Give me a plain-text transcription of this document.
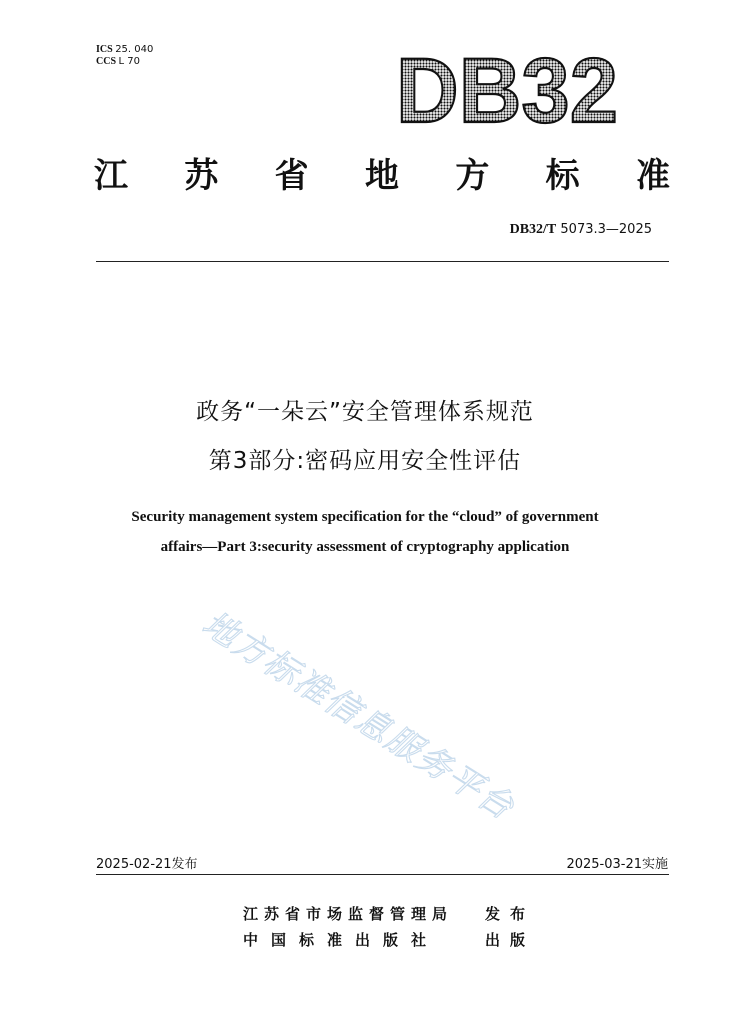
ICS 25. 040
CCS L 70	DB32
江 苏 省 地 方 标 准
DB32/T 5073.3—2025
政务“一朵云”安全管理体系规范
第3部分:密码应用安全性评估
Security management system specification for the “cloud” of government
affairs—Part 3:security assessment of cryptography application
地方标准信息服务平台
2025-02-21发布	2025-03-21实施
江苏省市场监督管理局 发布
中国标准出版社	出版
